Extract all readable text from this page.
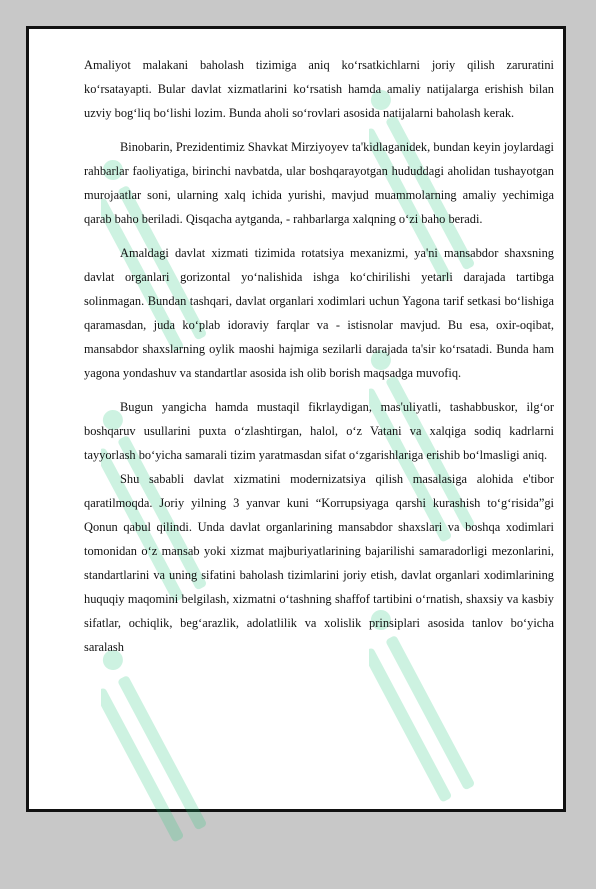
Amaliyot malakani baholash tizimiga aniq ko‘rsatkichlarni joriy qilish zaruratini ko‘rsatayapti. Bular davlat xizmatlarini ko‘rsatish hamda amaliy natijalarga erishish bilan uzviy bog‘liq bo‘lishi lozim. Bunda aholi so‘rovlari asosida natijalarni baholash kerak.

Binobarin, Prezidentimiz Shavkat Mirziyoyev ta'kidlaganidek, bundan keyin joylardagi rahbarlar faoliyatiga, birinchi navbatda, ular boshqarayotgan hududdagi aholidan tushayotgan murojaatlar soni, ularning xalq ichida yurishi, mavjud muammolarning amaliy yechimiga qarab baho beriladi. Qisqacha aytganda, - rahbarlarga xalqning o‘zi baho beradi.

Amaldagi davlat xizmati tizimida rotatsiya mexanizmi, ya'ni mansabdor shaxsning davlat organlari gorizontal yo‘nalishida ishga ko‘chirilishi yetarli darajada tartibga solinmagan. Bundan tashqari, davlat organlari xodimlari uchun Yagona tarif setkasi bo‘lishiga qaramasdan, juda ko‘plab idoraviy farqlar va - istisnolar mavjud. Bu esa, oxir-oqibat, mansabdor shaxslarning oylik maoshi hajmiga sezilarli darajada ta'sir ko‘rsatadi. Bunda ham yagona yondashuv va standartlar asosida ish olib borish maqsadga muvofiq.

Bugun yangicha hamda mustaqil fikrlaydigan, mas'uliyatli, tashabbuskor, ilg‘or boshqaruv usullarini puxta o‘zlashtirgan, halol, o‘z Vatani va xalqiga sodiq kadrlarni tayyorlash bo‘yicha samarali tizim yaratmasdan sifat o‘zgarishlariga erishib bo‘lmasligi aniq.

Shu sababli davlat xizmatini modernizatsiya qilish masalasiga alohida e'tibor qaratilmoqda. Joriy yilning 3 yanvar kuni “Korrupsiyaga qarshi kurashish to‘g‘risida”gi Qonun qabul qilindi. Unda davlat organlarining mansabdor shaxslari va boshqa xodimlari tomonidan o‘z mansab yoki xizmat majburiyatlarining bajarilishi samaradorligi mezonlarini, standartlarini va uning sifatini baholash tizimlarini joriy etish, davlat organlari xodimlarining huquqiy maqomini belgilash, xizmatni o‘tashning shaffof tartibini o‘rnatish, shaxsiy va kasbiy sifatlar, ochiqlik, beg‘arazlik, adolatlilik va xolislik prinsiplari asosida tanlov bo‘yicha saralash
